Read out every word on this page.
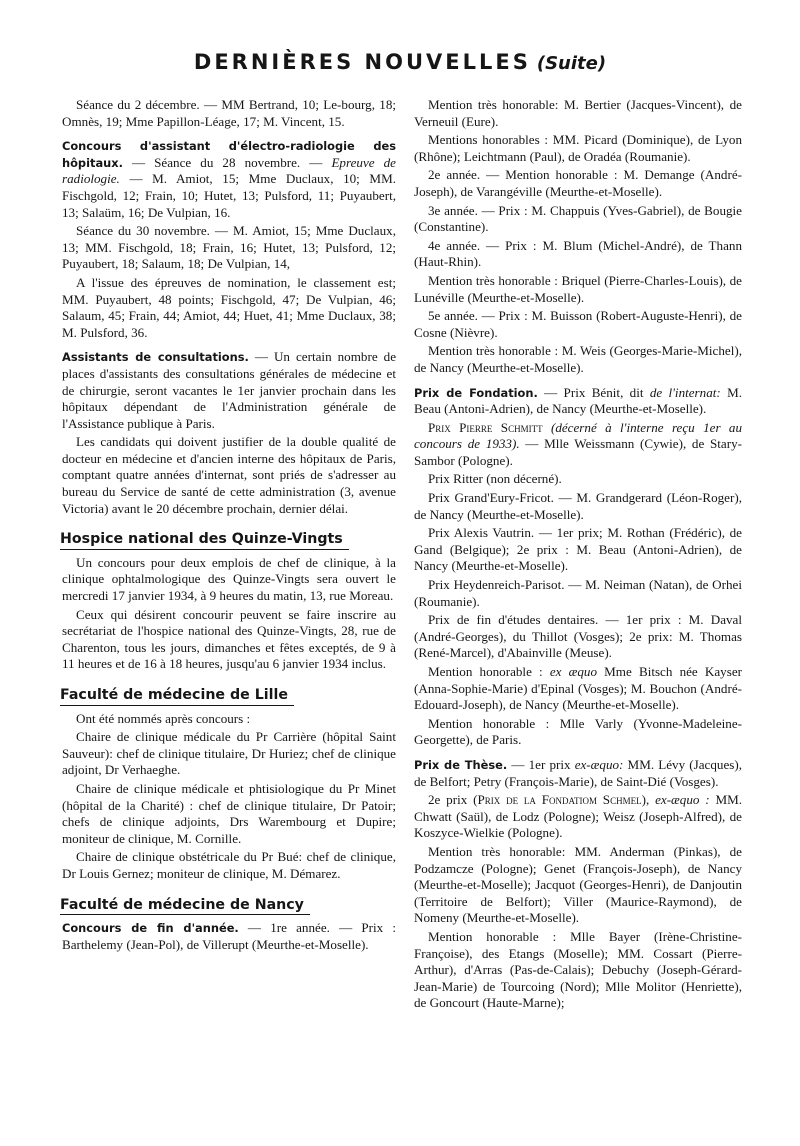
DERNIÈRES NOUVELLES (Suite)

Séance du 2 décembre. — MM Bertrand, 10; Le-bourg, 18; Omnès, 19; Mme Papillon-Léage, 17; M. Vincent, 15.

Concours d'assistant d'électro-radiologie des hôpitaux. — Séance du 28 novembre. — Epreuve de radiologie. — M. Amiot, 15; Mme Duclaux, 10; MM. Fischgold, 12; Frain, 10; Hutet, 13; Pulsford, 11; Puyaubert, 13; Salaüm, 16; De Vulpian, 16.

Séance du 30 novembre. — M. Amiot, 15; Mme Duclaux, 13; MM. Fischgold, 18; Frain, 16; Hutet, 13; Pulsford, 12; Puyaubert, 18; Salaum, 18; De Vulpian, 14,

A l'issue des épreuves de nomination, le classement est; MM. Puyaubert, 48 points; Fischgold, 47; De Vulpian, 46; Salaum, 45; Frain, 44; Amiot, 44; Huet, 41; Mme Duclaux, 38; M. Pulsford, 36.

Assistants de consultations. — Un certain nombre de places d'assistants des consultations générales de médecine et de chirurgie, seront vacantes le 1er janvier prochain dans les hôpitaux dépendant de l'Administration générale de l'Assistance publique à Paris.

Les candidats qui doivent justifier de la double qualité de docteur en médecine et d'ancien interne des hôpitaux de Paris, comptant quatre années d'internat, sont priés de s'adresser au bureau du Service de santé de cette administration (3, avenue Victoria) avant le 20 décembre prochain, dernier délai.

Hospice national des Quinze-Vingts

Un concours pour deux emplois de chef de clinique, à la clinique ophtalmologique des Quinze-Vingts sera ouvert le mercredi 17 janvier 1934, à 9 heures du matin, 13, rue Moreau.

Ceux qui désirent concourir peuvent se faire inscrire au secrétariat de l'hospice national des Quinze-Vingts, 28, rue de Charenton, tous les jours, dimanches et fêtes exceptés, de 9 à 11 heures et de 16 à 18 heures, jusqu'au 6 janvier 1934 inclus.

Faculté de médecine de Lille

Ont été nommés après concours :

Chaire de clinique médicale du Pr Carrière (hôpital Saint Sauveur): chef de clinique titulaire, Dr Huriez; chef de clinique adjoint, Dr Verhaeghe.

Chaire de clinique médicale et phtisiologique du Pr Minet (hôpital de la Charité) : chef de clinique titulaire, Dr Patoir; chefs de clinique adjoints, Drs Warembourg et Dupire; moniteur de clinique, M. Cornille.

Chaire de clinique obstétricale du Pr Bué: chef de clinique, Dr Louis Gernez; moniteur de clinique, M. Démarez.

Faculté de médecine de Nancy

Concours de fin d'année. — 1re année. — Prix : Barthelemy (Jean-Pol), de Villerupt (Meurthe-et-Moselle).

Mention très honorable: M. Bertier (Jacques-Vincent), de Verneuil (Eure).

Mentions honorables : MM. Picard (Dominique), de Lyon (Rhône); Leichtmann (Paul), de Oradéa (Roumanie).

2e année. — Mention honorable : M. Demange (André-Joseph), de Varangéville (Meurthe-et-Moselle).

3e année. — Prix : M. Chappuis (Yves-Gabriel), de Bougie (Constantine).

4e année. — Prix : M. Blum (Michel-André), de Thann (Haut-Rhin).

Mention très honorable : Briquel (Pierre-Charles-Louis), de Lunéville (Meurthe-et-Moselle).

5e année. — Prix : M. Buisson (Robert-Auguste-Henri), de Cosne (Nièvre).

Mention très honorable : M. Weis (Georges-Marie-Michel), de Nancy (Meurthe-et-Moselle).

Prix de Fondation. — Prix Bénit, dit de l'internat: M. Beau (Antoni-Adrien), de Nancy (Meurthe-et-Moselle).

Prix Pierre Schmitt (décerné à l'interne reçu 1er au concours de 1933). — Mlle Weissmann (Cywie), de Stary-Sambor (Pologne).

Prix Ritter (non décerné).

Prix Grand'Eury-Fricot. — M. Grandgerard (Léon-Roger), de Nancy (Meurthe-et-Moselle).

Prix Alexis Vautrin. — 1er prix; M. Rothan (Frédéric), de Gand (Belgique); 2e prix : M. Beau (Antoni-Adrien), de Nancy (Meurthe-et-Moselle).

Prix Heydenreich-Parisot. — M. Neiman (Natan), de Orhei (Roumanie).

Prix de fin d'études dentaires. — 1er prix : M. Daval (André-Georges), du Thillot (Vosges); 2e prix: M. Thomas (René-Marcel), d'Abainville (Meuse).

Mention honorable : ex æquo Mme Bitsch née Kayser (Anna-Sophie-Marie) d'Epinal (Vosges); M. Bouchon (André-Edouard-Joseph), de Nancy (Meurthe-et-Moselle).

Mention honorable : Mlle Varly (Yvonne-Madeleine-Georgette), de Paris.

Prix de Thèse. — 1er prix ex-æquo: MM. Lévy (Jacques), de Belfort; Petry (François-Marie), de Saint-Dié (Vosges).

2e prix (Prix de la Fondatiom Schmel), ex-æquo : MM. Chwatt (Saül), de Lodz (Pologne); Weisz (Joseph-Alfred), de Koszyce-Wielkie (Pologne).

Mention très honorable: MM. Anderman (Pinkas), de Podzamcze (Pologne); Genet (François-Joseph), de Nancy (Meurthe-et-Moselle); Jacquot (Georges-Henri), de Danjoutin (Territoire de Belfort); Viller (Maurice-Raymond), de Nomeny (Meurthe-et-Moselle).

Mention honorable : Mlle Bayer (Irène-Christine-Françoise), des Etangs (Moselle); MM. Cossart (Pierre-Arthur), d'Arras (Pas-de-Calais); Debuchy (Joseph-Gérard-Jean-Marie) de Tourcoing (Nord); Mlle Molitor (Henriette), de Goncourt (Haute-Marne);
